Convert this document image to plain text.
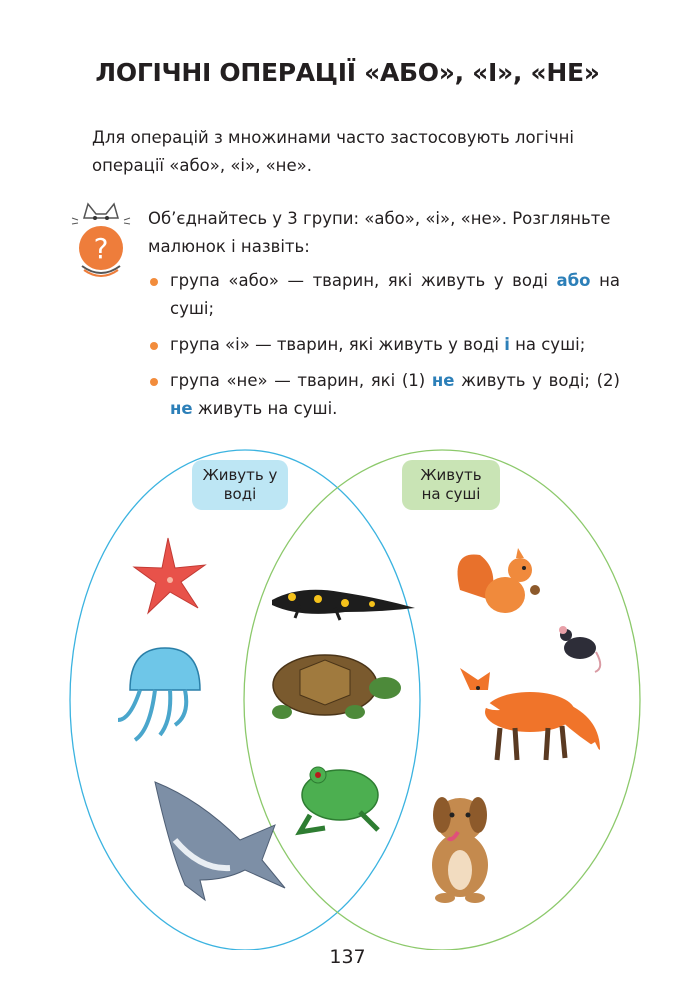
ЛОГІЧНІ ОПЕРАЦІЇ «АБО», «І», «НЕ»

Для операцій з множинами часто застосовують логічні

операції «або», «і», «не».

?

Об’єднайтесь у 3 групи: «або», «і», «не». Розгляньте

малюнок і назвіть:

група «або» — тварин, які живуть у воді або на суші;
група «і» — тварин, які живуть у воді і на суші;
група «не» — тварин, які (1) не живуть у воді; (2) не живуть на суші.
Живуть у воді
Живуть на суші
137
